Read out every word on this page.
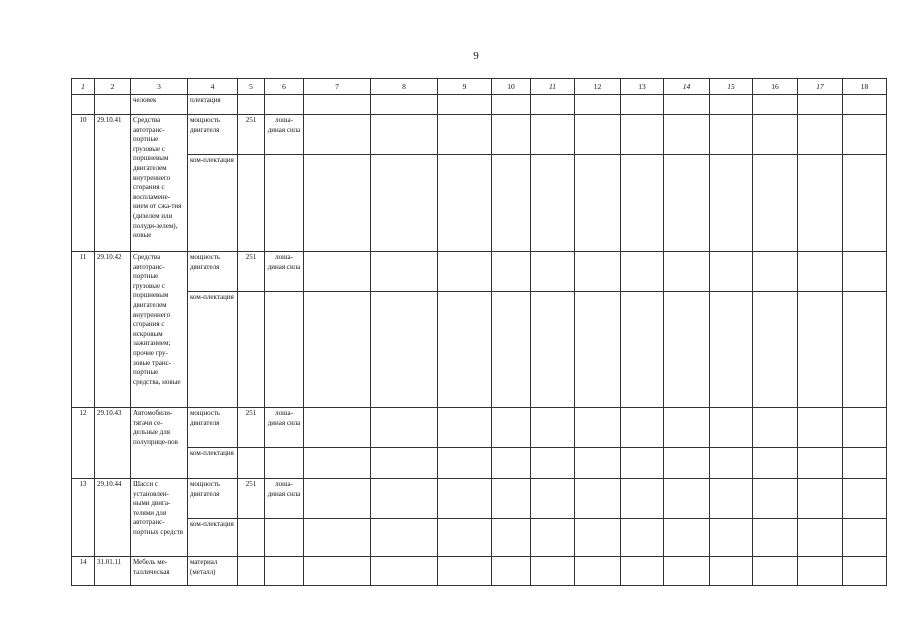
9
1	2	3	4	5	6	7	8	9	10	11	12	13	14	15	16	17	18
		человек	плектация														
10	29.10.41	Средства автотранс-портные грузовые с поршневым двигателем внутреннего сгорания с воспламене-нием от сжа-тия (дизелем или полуди-зелем), новые	мощность двигателя	251	лоша-диная сила												
			ком-плектация														
11	29.10.42	Средства автотранс-портные грузовые с поршневым двигателем внутреннего сгорания с искровым зажиганием; прочие гру-зовые транс-портные средства, новые	мощность двигателя	251	лоша-диная сила												
			ком-плектация														
12	29.10.43	Автомобили-тягачи се-дельные для полуприце-пов	мощность двигателя	251	лоша-диная сила												
			ком-плектация														
13	29.10.44	Шасси с установлен-ными двига-телями для автотранс-портных средств	мощность двигателя	251	лоша-диная сила												
			ком-плектация														
14	31.01.11	Мебель ме-таллическая	материал (металл)														
